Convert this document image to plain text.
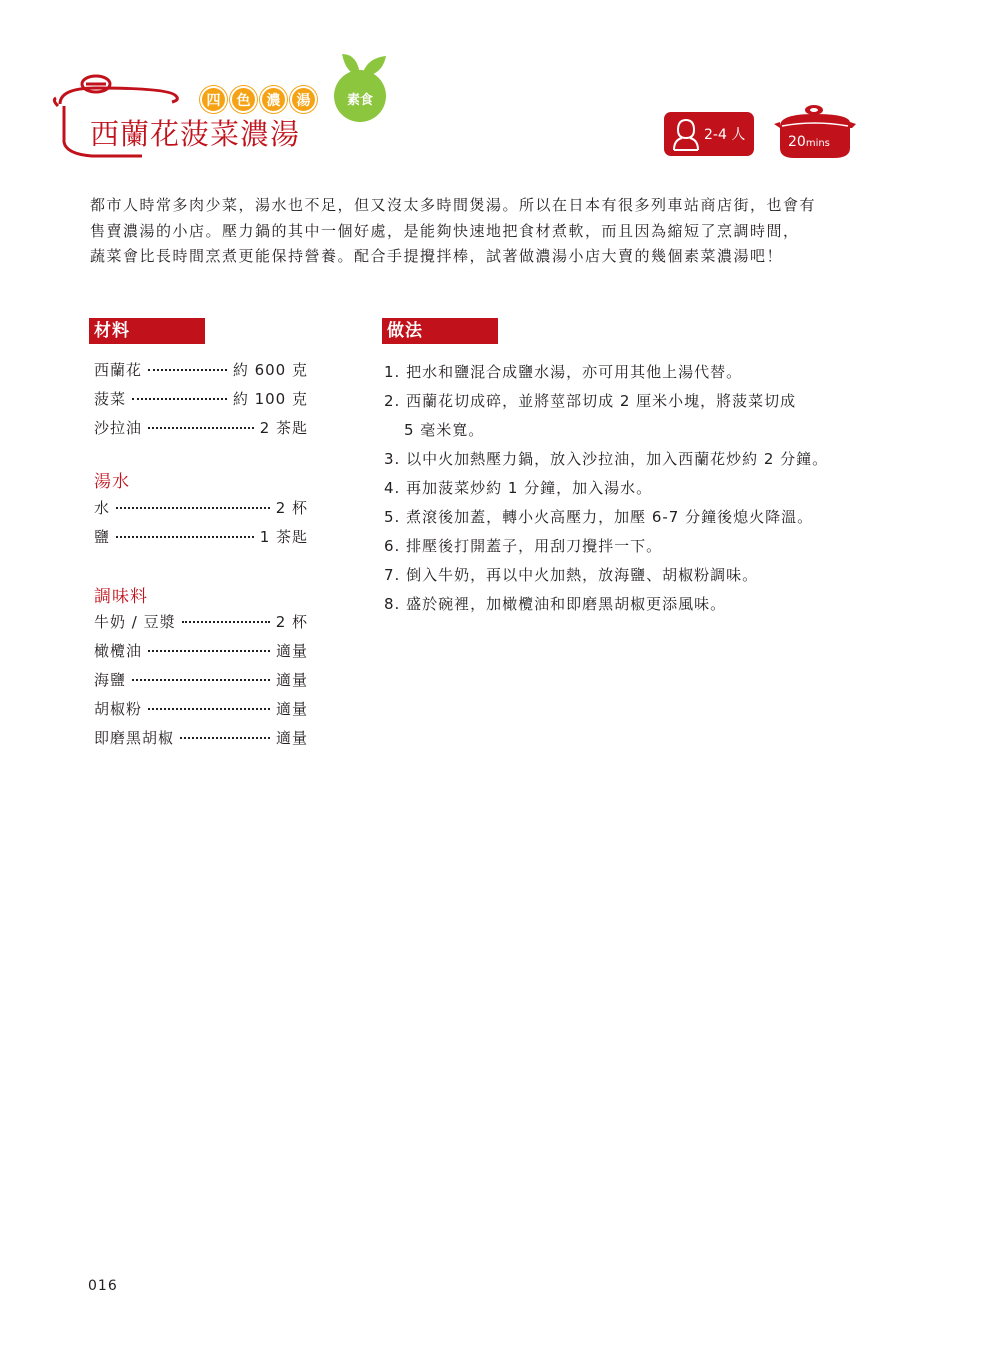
四	色	濃	湯	素食
西蘭花菠菜濃湯	2-4 人	20mins
都市人時常多肉少菜，湯水也不足，但又沒太多時間煲湯。所以在日本有很多列車站商店街，也會有
售賣濃湯的小店。壓力鍋的其中一個好處，是能夠快速地把食材煮軟，而且因為縮短了烹調時間，
蔬菜會比長時間烹煮更能保持營養。配合手提攪拌棒，試著做濃湯小店大賣的幾個素菜濃湯吧！
材料
西蘭花	約 600 克
菠菜	約 100 克
沙拉油	2 茶匙
湯水
水	2 杯
鹽	1 茶匙
調味料
牛奶 / 豆漿	2 杯
橄欖油	適量
海鹽	適量
胡椒粉	適量
即磨黑胡椒	適量
做法
1. 把水和鹽混合成鹽水湯，亦可用其他上湯代替。
2. 西蘭花切成碎，並將莖部切成 2 厘米小塊，將菠菜切成
5 毫米寬。
3. 以中火加熱壓力鍋，放入沙拉油，加入西蘭花炒約 2 分鐘。
4. 再加菠菜炒約 1 分鐘，加入湯水。
5. 煮滾後加蓋，轉小火高壓力，加壓 6-7 分鐘後熄火降溫。
6. 排壓後打開蓋子，用刮刀攪拌一下。
7. 倒入牛奶，再以中火加熱，放海鹽、胡椒粉調味。
8. 盛於碗裡，加橄欖油和即磨黑胡椒更添風味。
016
